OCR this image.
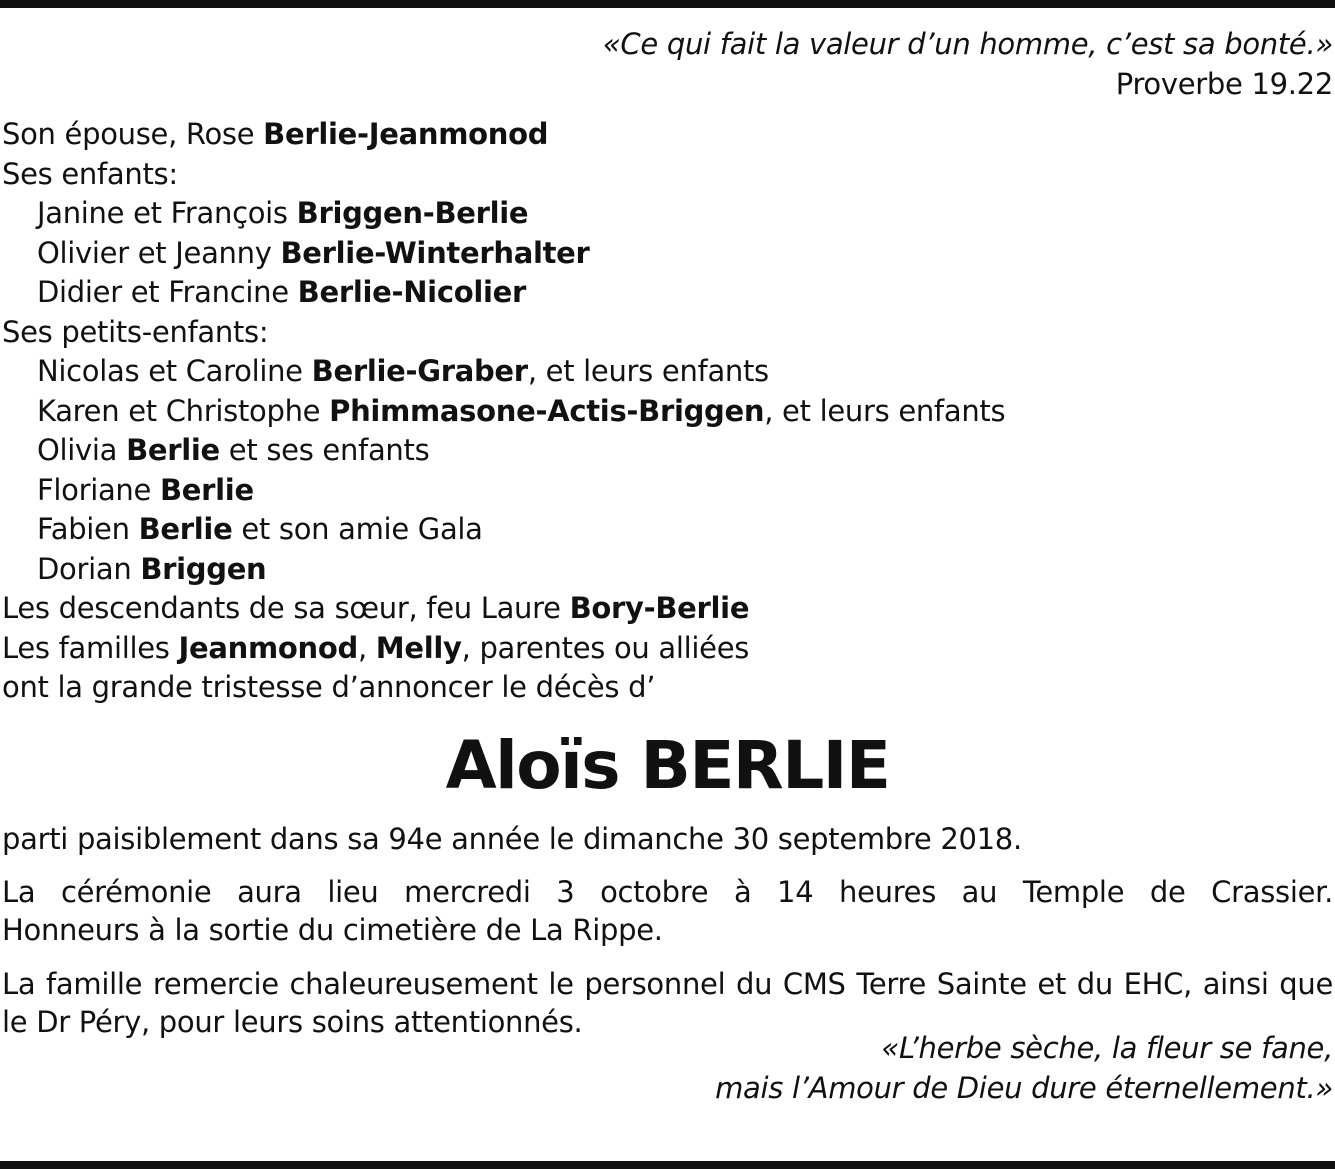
«Ce qui fait la valeur d’un homme, c’est sa bonté.»
Proverbe 19.22
Son épouse, Rose Berlie-Jeanmonod
Ses enfants:
Janine et François Briggen-Berlie
Olivier et Jeanny Berlie-Winterhalter
Didier et Francine Berlie-Nicolier
Ses petits-enfants:
Nicolas et Caroline Berlie-Graber, et leurs enfants
Karen et Christophe Phimmasone-Actis-Briggen, et leurs enfants
Olivia Berlie et ses enfants
Floriane Berlie
Fabien Berlie et son amie Gala
Dorian Briggen
Les descendants de sa sœur, feu Laure Bory-Berlie
Les familles Jeanmonod, Melly, parentes ou alliées
ont la grande tristesse d’annoncer le décès d’
Aloïs BERLIE
parti paisiblement dans sa 94e année le dimanche 30 septembre 2018.
La cérémonie aura lieu mercredi 3 octobre à 14 heures au Temple de Crassier.
Honneurs à la sortie du cimetière de La Rippe.
La famille remercie chaleureusement le personnel du CMS Terre Sainte et du EHC, ainsi que le Dr Péry, pour leurs soins attentionnés.
«L’herbe sèche, la fleur se fane,
mais l’Amour de Dieu dure éternellement.»
